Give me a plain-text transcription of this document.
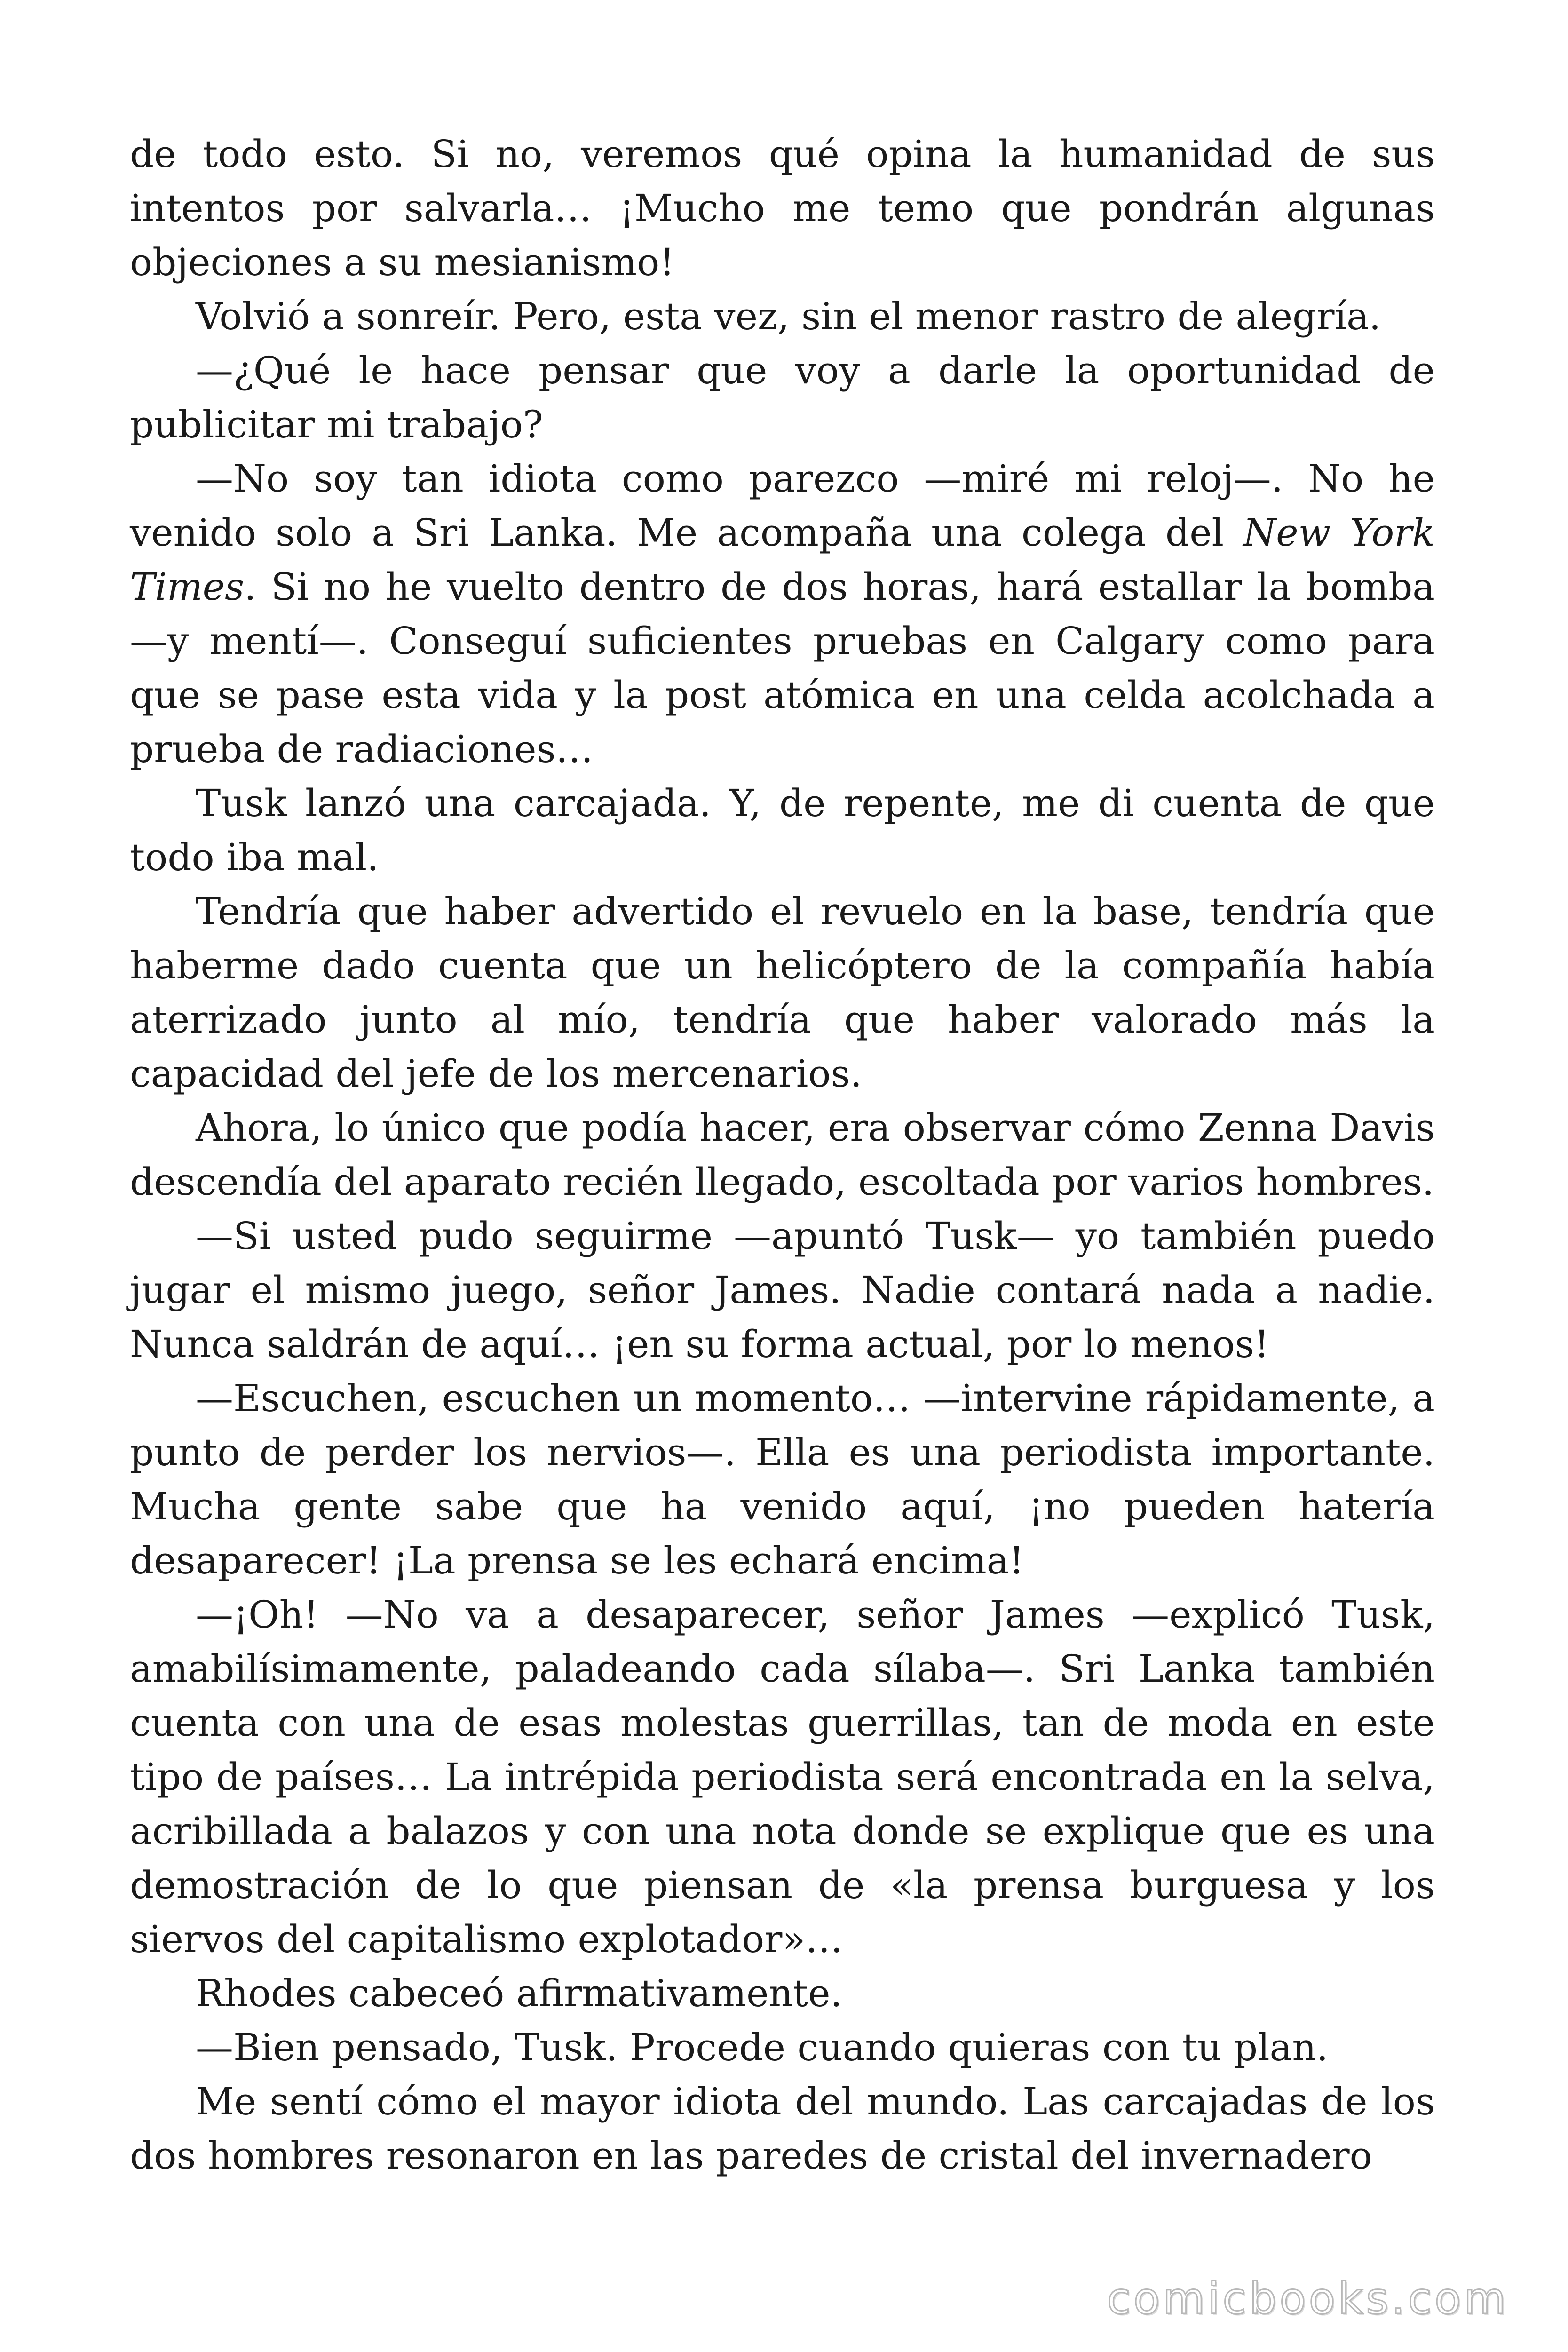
de todo esto. Si no, veremos qué opina la humanidad de sus intentos por salvarla… ¡Mucho me temo que pondrán algunas objeciones a su mesianismo!

Volvió a sonreír. Pero, esta vez, sin el menor rastro de alegría.

—¿Qué le hace pensar que voy a darle la oportunidad de publicitar mi trabajo?

—No soy tan idiota como parezco —miré mi reloj—. No he venido solo a Sri Lanka. Me acompaña una colega del New York Times. Si no he vuelto dentro de dos horas, hará estallar la bomba —y mentí—. Conseguí suficientes pruebas en Calgary como para que se pase esta vida y la post atómica en una celda acolchada a prueba de radiaciones…

Tusk lanzó una carcajada. Y, de repente, me di cuenta de que todo iba mal.

Tendría que haber advertido el revuelo en la base, tendría que haberme dado cuenta que un helicóptero de la compañía había aterrizado junto al mío, tendría que haber valorado más la capacidad del jefe de los mercenarios.

Ahora, lo único que podía hacer, era observar cómo Zenna Davis descendía del aparato recién llegado, escoltada por varios hombres.

—Si usted pudo seguirme —apuntó Tusk— yo también puedo jugar el mismo juego, señor James. Nadie contará nada a nadie. Nunca saldrán de aquí… ¡en su forma actual, por lo menos!

—Escuchen, escuchen un momento… —intervine rápidamente, a punto de perder los nervios—. Ella es una periodista importante. Mucha gente sabe que ha venido aquí, ¡no pueden hatería desaparecer! ¡La prensa se les echará encima!

—¡Oh! —No va a desaparecer, señor James —explicó Tusk, amabilísimamente, paladeando cada sílaba—. Sri Lanka también cuenta con una de esas molestas guerrillas, tan de moda en este tipo de países… La intrépida periodista será encontrada en la selva, acribillada a balazos y con una nota donde se explique que es una demostración de lo que piensan de «la prensa burguesa y los siervos del capitalismo explotador»…

Rhodes cabeceó afirmativamente.

—Bien pensado, Tusk. Procede cuando quieras con tu plan.

Me sentí cómo el mayor idiota del mundo. Las carcajadas de los dos hombres resonaron en las paredes de cristal del invernadero

comicbooks.com
